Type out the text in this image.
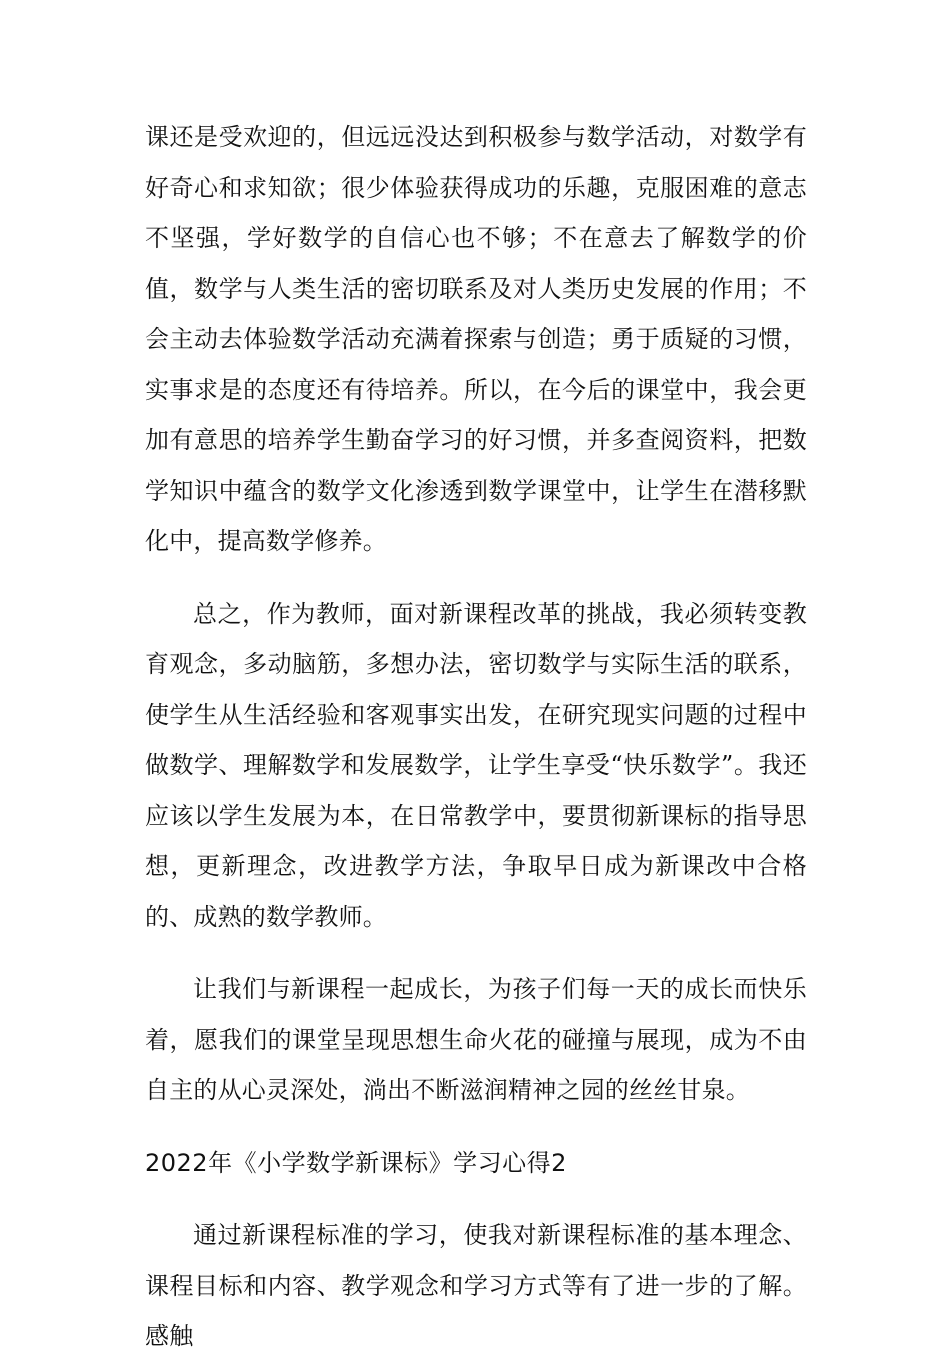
课还是受欢迎的，但远远没达到积极参与数学活动，对数学有好奇心和求知欲；很少体验获得成功的乐趣，克服困难的意志不坚强，学好数学的自信心也不够；不在意去了解数学的价值，数学与人类生活的密切联系及对人类历史发展的作用；不会主动去体验数学活动充满着探索与创造；勇于质疑的习惯，实事求是的态度还有待培养。所以，在今后的课堂中，我会更加有意思的培养学生勤奋学习的好习惯，并多查阅资料，把数学知识中蕴含的数学文化渗透到数学课堂中，让学生在潜移默化中，提高数学修养。

总之，作为教师，面对新课程改革的挑战，我必须转变教育观念，多动脑筋，多想办法，密切数学与实际生活的联系，使学生从生活经验和客观事实出发，在研究现实问题的过程中做数学、理解数学和发展数学，让学生享受“快乐数学”。我还应该以学生发展为本，在日常教学中，要贯彻新课标的指导思想，更新理念，改进教学方法，争取早日成为新课改中合格的、成熟的数学教师。

让我们与新课程一起成长，为孩子们每一天的成长而快乐着，愿我们的课堂呈现思想生命火花的碰撞与展现，成为不由自主的从心灵深处，淌出不断滋润精神之园的丝丝甘泉。

2022年《小学数学新课标》学习心得2

通过新课程标准的学习，使我对新课程标准的基本理念、课程目标和内容、教学观念和学习方式等有了进一步的了解。感触
